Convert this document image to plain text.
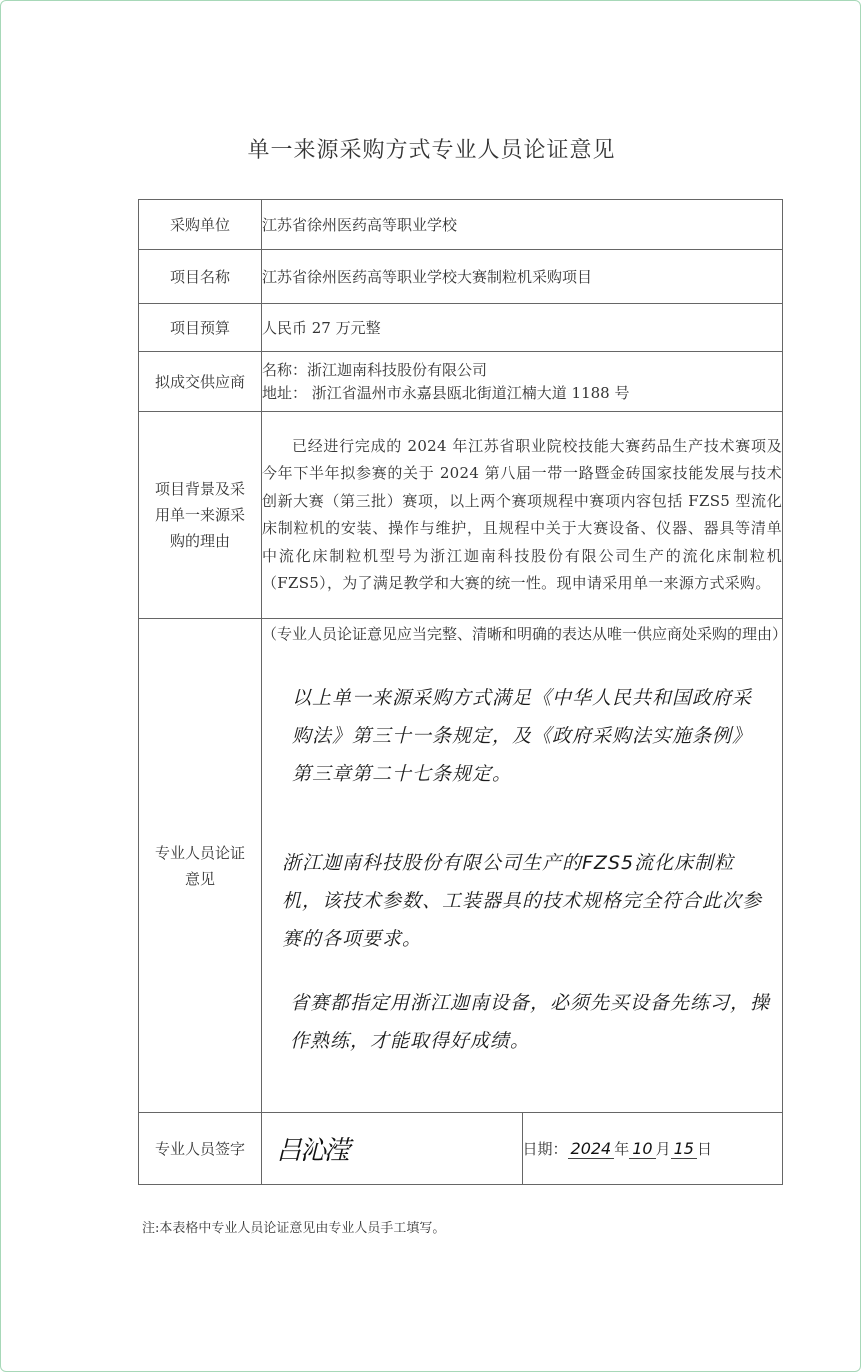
单一来源采购方式专业人员论证意见
采购单位	江苏省徐州医药高等职业学校	
项目名称	江苏省徐州医药高等职业学校大赛制粒机采购项目	
项目预算	人民币 27 万元整	
拟成交供应商	名称：浙江迦南科技股份有限公司
地址： 浙江省温州市永嘉县瓯北街道江楠大道 1188 号	

项目背景及采用单一来源采购的理由	已经进行完成的 2024 年江苏省职业院校技能大赛药品生产技术赛项及今年下半年拟参赛的关于 2024 第八届一带一路暨金砖国家技能发展与技术创新大赛（第三批）赛项，以上两个赛项规程中赛项内容包括 FZS5 型流化床制粒机的安装、操作与维护，且规程中关于大赛设备、仪器、器具等清单中流化床制粒机型号为浙江迦南科技股份有限公司生产的流化床制粒机（FZS5），为了满足教学和大赛的统一性。现申请采用单一来源方式采购。	

专业人员论证意见	（专业人员论证意见应当完整、清晰和明确的表达从唯一供应商处采购的理由）

以上单一来源采购方式满足《中华人民共和国政府采购法》第三十一条规定，及《政府采购法实施条例》第三章第二十七条规定。

浙江迦南科技股份有限公司生产的FZS5流化床制粒机，该技术参数、工装器具的技术规格完全符合此次参赛的各项要求。

省赛都指定用浙江迦南设备，必须先买设备先练习，操作熟练，才能取得好成绩。	

专业人员签字	吕沁滢	日期： 2024 年 10 月 15 日
注:本表格中专业人员论证意见由专业人员手工填写。
